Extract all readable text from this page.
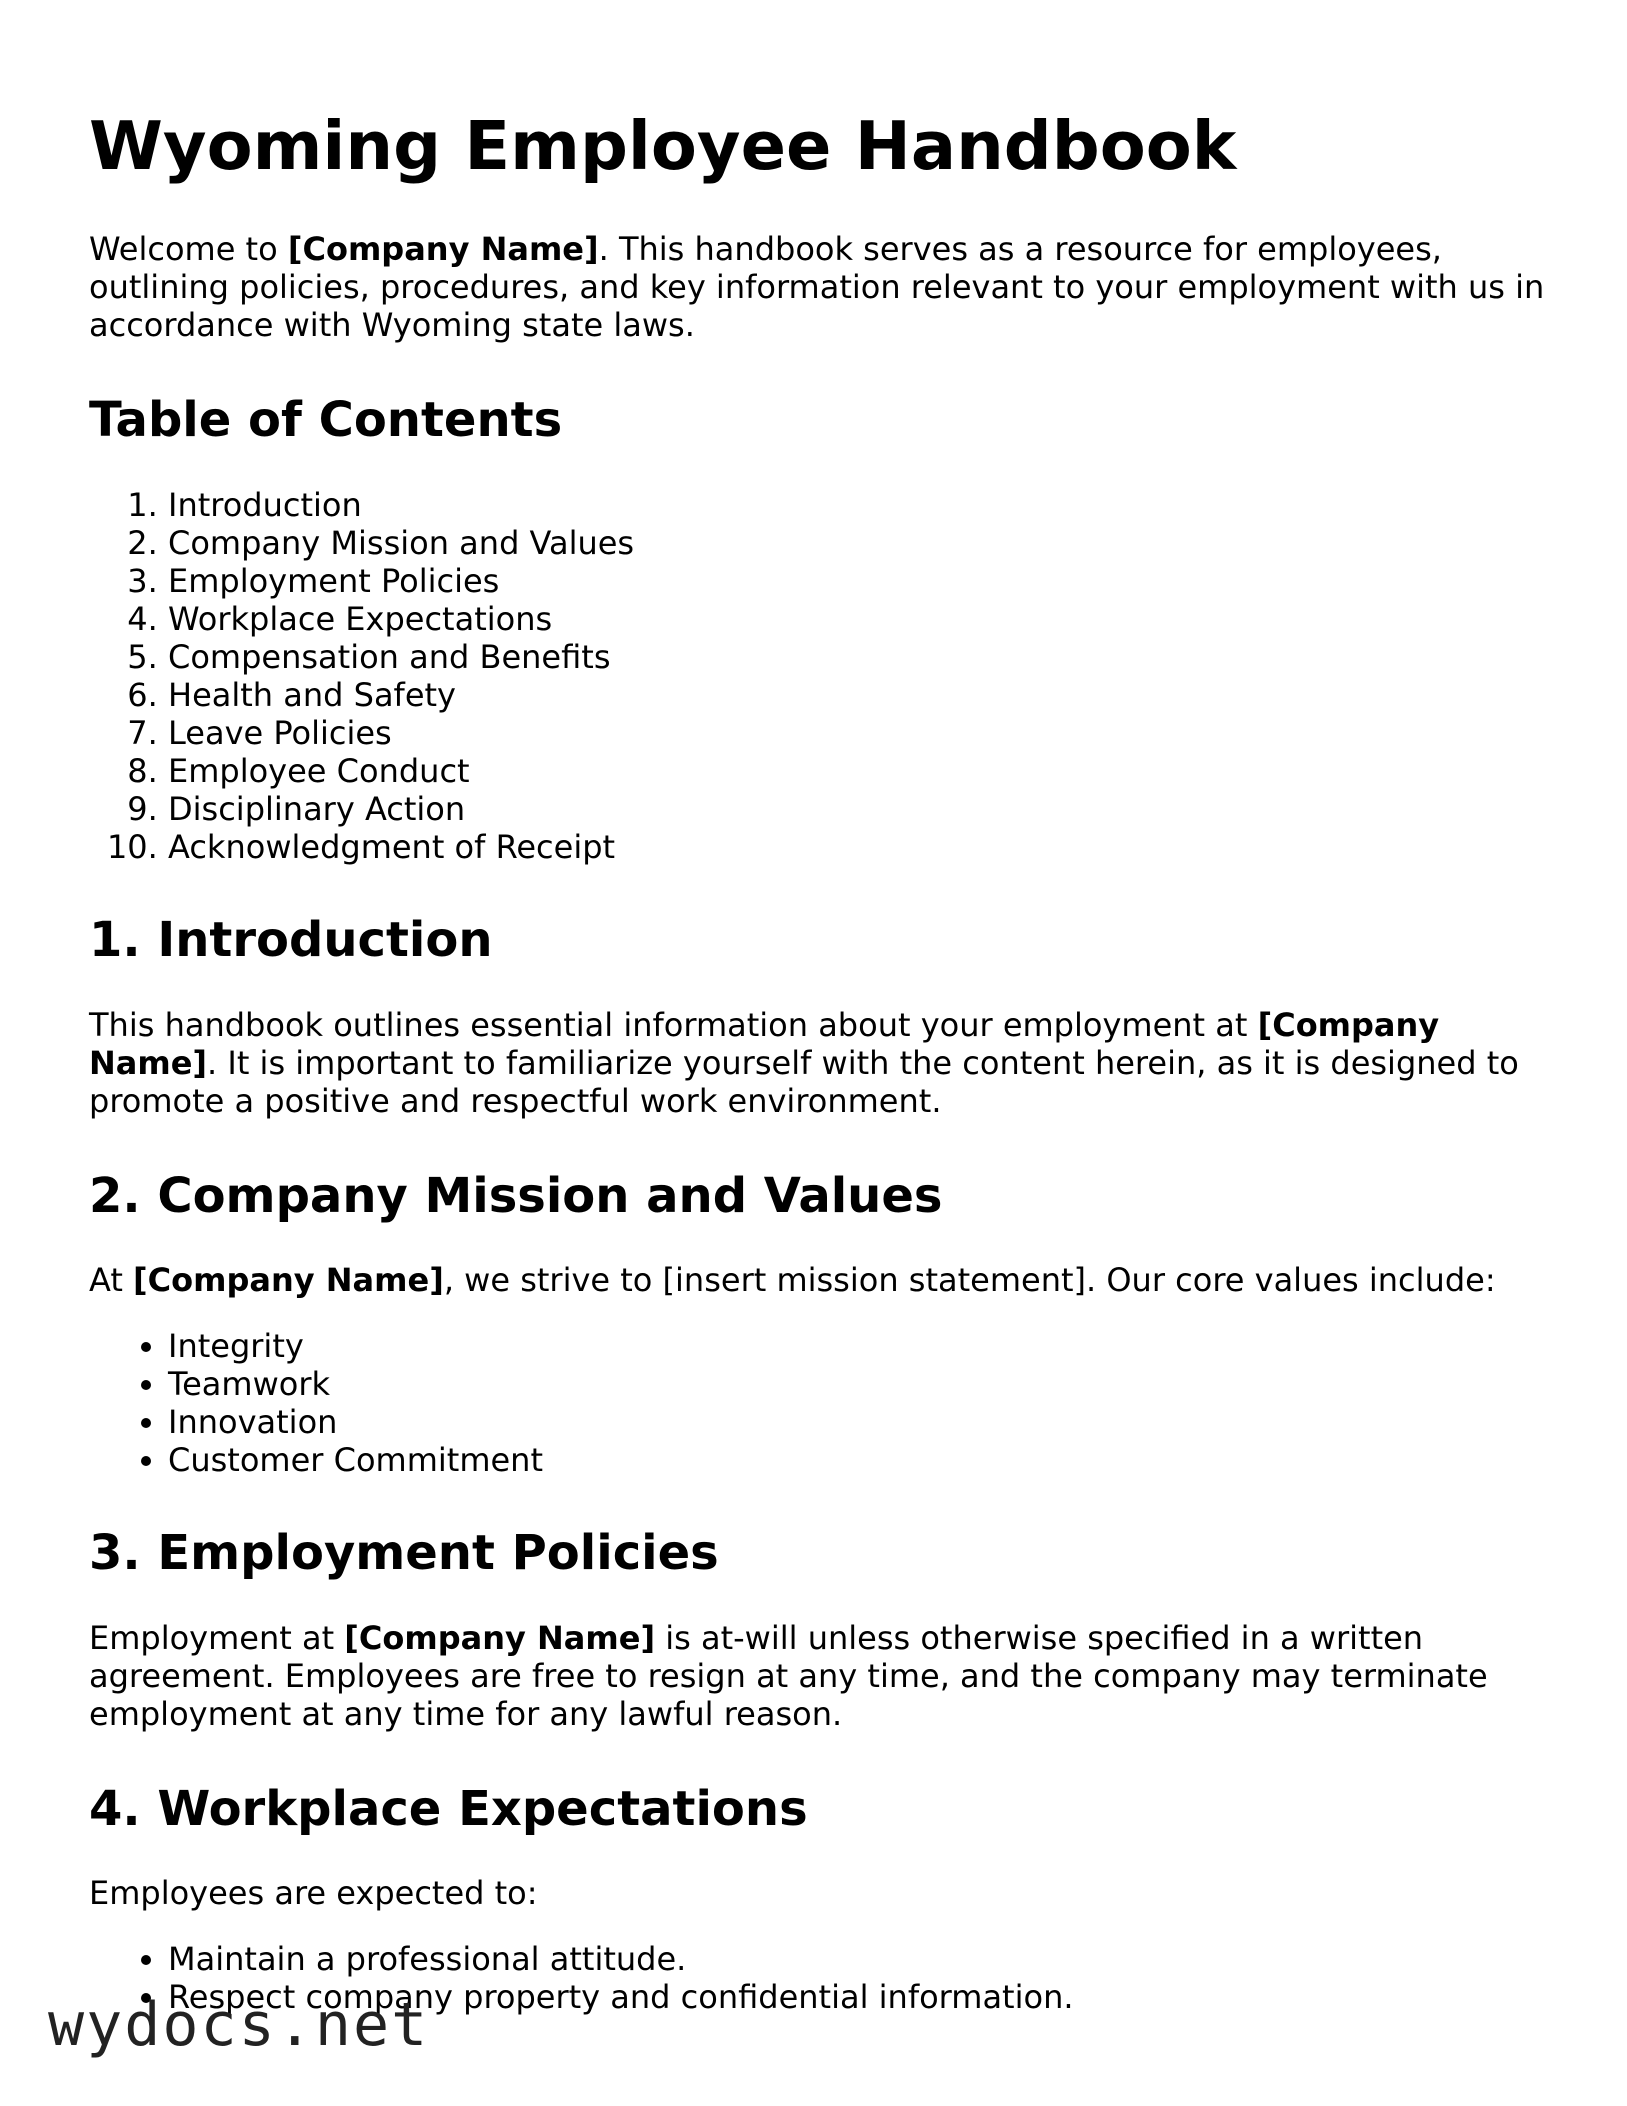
Wyoming Employee Handbook

Welcome to [Company Name]. This handbook serves as a resource for employees, outlining policies, procedures, and key information relevant to your employment with us in accordance with Wyoming state laws.

Table of Contents
1. Introduction
2. Company Mission and Values
3. Employment Policies
4. Workplace Expectations
5. Compensation and Benefits
6. Health and Safety
7. Leave Policies
8. Employee Conduct
9. Disciplinary Action
10. Acknowledgment of Receipt
1. Introduction

This handbook outlines essential information about your employment at [Company Name]. It is important to familiarize yourself with the content herein, as it is designed to promote a positive and respectful work environment.

2. Company Mission and Values

At [Company Name], we strive to [insert mission statement]. Our core values include:

• Integrity
• Teamwork
• Innovation
• Customer Commitment
3. Employment Policies

Employment at [Company Name] is at-will unless otherwise specified in a written agreement. Employees are free to resign at any time, and the company may terminate employment at any time for any lawful reason.

4. Workplace Expectations

Employees are expected to:

• Maintain a professional attitude.
• Respect company property and confidential information.
wydocs.net
